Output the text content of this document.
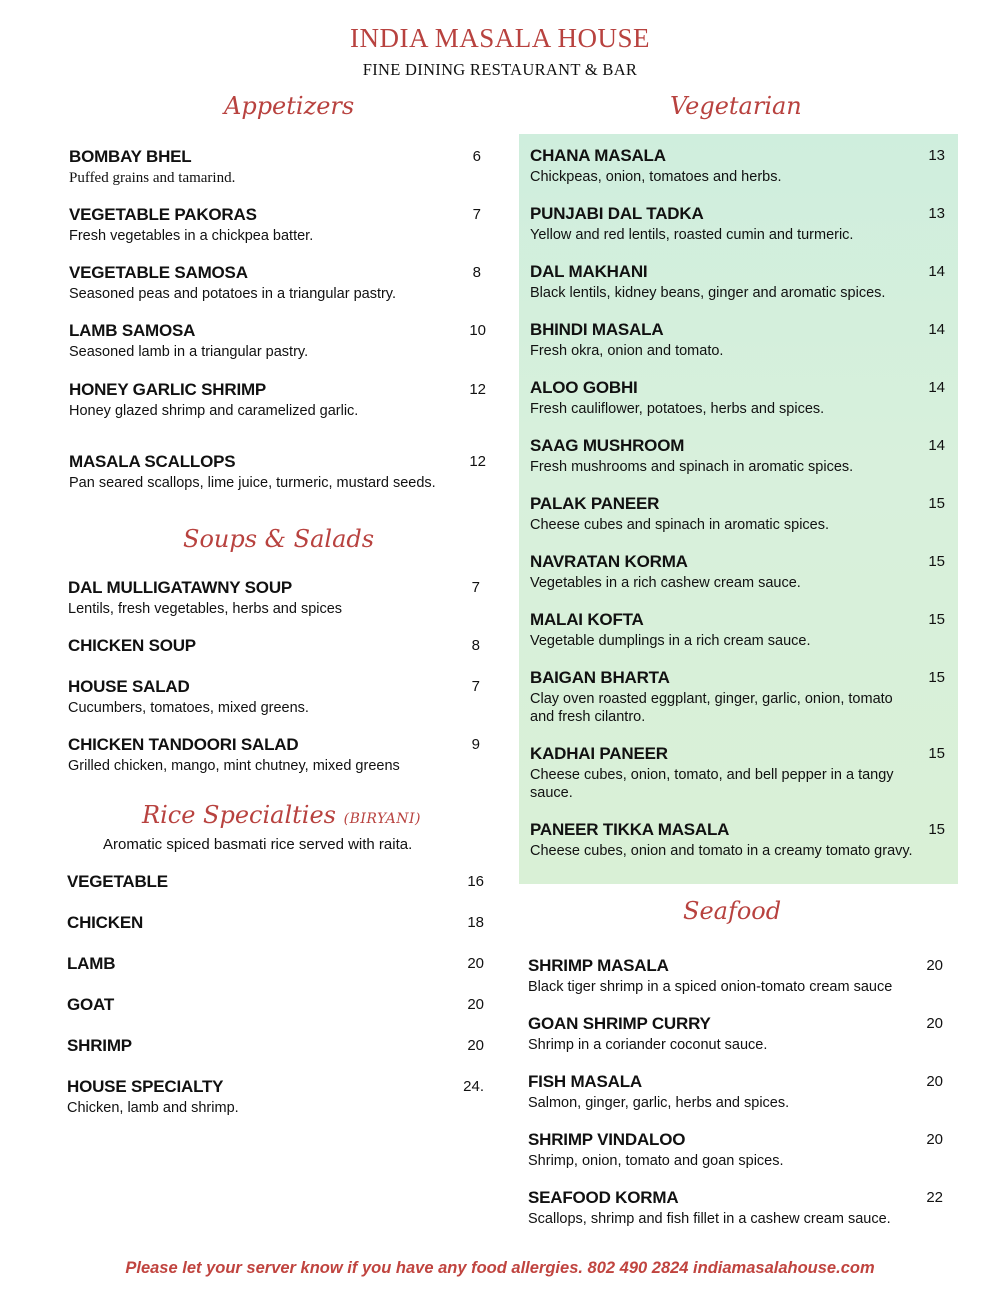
INDIA MASALA HOUSE
FINE DINING RESTAURANT & BAR
Appetizers	Vegetarian
Soups & Salads
Rice Specialties (BIRYANI)
Aromatic spiced basmati rice served with raita.
Seafood
BOMBAY BHEL
Puffed grains and tamarind.
6
VEGETABLE PAKORAS
Fresh vegetables in a chickpea batter.
7
VEGETABLE SAMOSA
Seasoned peas and potatoes in a triangular pastry.
8
LAMB SAMOSA
Seasoned lamb in a triangular pastry.
10
HONEY GARLIC SHRIMP
Honey glazed shrimp and caramelized garlic.
12
MASALA SCALLOPS
Pan seared scallops, lime juice, turmeric, mustard seeds.
12
DAL MULLIGATAWNY SOUP
Lentils, fresh vegetables, herbs and spices
7
CHICKEN SOUP	8
HOUSE SALAD
Cucumbers, tomatoes, mixed greens.
7
CHICKEN TANDOORI SALAD
Grilled chicken, mango, mint chutney, mixed greens
9
VEGETABLE	16
CHICKEN	18
LAMB	20
GOAT	20
SHRIMP	20
HOUSE SPECIALTY
Chicken, lamb and shrimp.
24.
CHANA MASALA
Chickpeas, onion, tomatoes and herbs.
13
PUNJABI DAL TADKA
Yellow and red lentils, roasted cumin and turmeric.
13
DAL MAKHANI
Black lentils, kidney beans, ginger and aromatic spices.
14
BHINDI MASALA
Fresh okra, onion and tomato.
14
ALOO GOBHI
Fresh cauliflower, potatoes, herbs and spices.
14
SAAG MUSHROOM
Fresh mushrooms and spinach in aromatic spices.
14
PALAK PANEER
Cheese cubes and spinach in aromatic spices.
15
NAVRATAN KORMA
Vegetables in a rich cashew cream sauce.
15
MALAI KOFTA
Vegetable dumplings in a rich cream sauce.
15
BAIGAN BHARTA
Clay oven roasted eggplant, ginger, garlic, onion, tomato and fresh cilantro.
15
KADHAI PANEER
Cheese cubes, onion, tomato, and bell pepper in a tangy sauce.
15
PANEER TIKKA MASALA
Cheese cubes, onion and tomato in a creamy tomato gravy.
15
SHRIMP MASALA
Black tiger shrimp in a spiced onion-tomato cream sauce
20
GOAN SHRIMP CURRY
Shrimp in a coriander coconut sauce.
20
FISH MASALA
Salmon, ginger, garlic, herbs and spices.
20
SHRIMP VINDALOO
Shrimp, onion, tomato and goan spices.
20
SEAFOOD KORMA
Scallops, shrimp and fish fillet in a cashew cream sauce.
22
Please let your server know if you have any food allergies. 802 490 2824 indiamasalahouse.com
